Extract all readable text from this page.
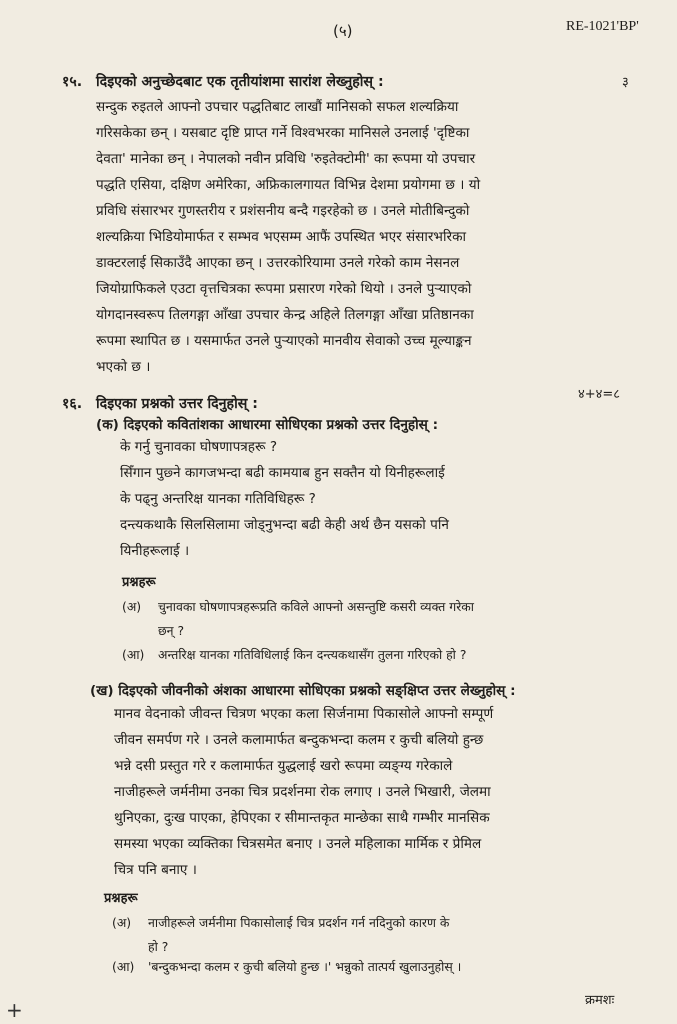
(५)	RE-1021'BP'
१५. दिइएको अनुच्छेदबाट एक तृतीयांशमा सारांश लेख्नुहोस् :	३
सन्दुक रुइतले आफ्नो उपचार पद्धतिबाट लाखौं मानिसको सफल शल्यक्रिया
गरिसकेका छन् । यसबाट दृष्टि प्राप्त गर्ने विश्वभरका मानिसले उनलाई 'दृष्टिका
देवता' मानेका छन् । नेपालको नवीन प्रविधि 'रुइतेक्टोमी' का रूपमा यो उपचार
पद्धति एसिया, दक्षिण अमेरिका, अफ्रिकालगायत विभिन्न देशमा प्रयोगमा छ । यो
प्रविधि संसारभर गुणस्तरीय र प्रशंसनीय बन्दै गइरहेको छ । उनले मोतीबिन्दुको
शल्यक्रिया भिडियोमार्फत र सम्भव भएसम्म आफैं उपस्थित भएर संसारभरिका
डाक्टरलाई सिकाउँदै आएका छन् । उत्तरकोरियामा उनले गरेको काम नेसनल
जियोग्राफिकले एउटा वृत्तचित्रका रूपमा प्रसारण गरेको थियो । उनले पुऱ्याएको
योगदानस्वरूप तिलगङ्गा आँखा उपचार केन्द्र अहिले तिलगङ्गा आँखा प्रतिष्ठानका
रूपमा स्थापित छ । यसमार्फत उनले पुऱ्याएको मानवीय सेवाको उच्च मूल्याङ्कन
भएको छ ।
१६. दिइएका प्रश्नको उत्तर दिनुहोस् :
४+४=८
(क) दिइएको कवितांशका आधारमा सोधिएका प्रश्नको उत्तर दिनुहोस् :
के गर्नु चुनावका घोषणापत्रहरू ?
सिँगान पुछ्ने कागजभन्दा बढी कामयाब हुन सक्तैन यो यिनीहरूलाई
के पढ्नु अन्तरिक्ष यानका गतिविधिहरू ?
दन्त्यकथाकै सिलसिलामा जोड्नुभन्दा बढी केही अर्थ छैन यसको पनि
यिनीहरूलाई ।
प्रश्नहरू
(अ) चुनावका घोषणापत्रहरूप्रति कविले आफ्नो असन्तुष्टि कसरी व्यक्त गरेका
छन् ?
(आ) अन्तरिक्ष यानका गतिविधिलाई किन दन्त्यकथासँग तुलना गरिएको हो ?
(ख) दिइएको जीवनीको अंशका आधारमा सोधिएका प्रश्नको सङ्क्षिप्त उत्तर लेख्नुहोस् :
मानव वेदनाको जीवन्त चित्रण भएका कला सिर्जनामा पिकासोले आफ्नो सम्पूर्ण
जीवन समर्पण गरे । उनले कलामार्फत बन्दुकभन्दा कलम र कुची बलियो हुन्छ
भन्ने दसी प्रस्तुत गरे र कलामार्फत युद्धलाई खरो रूपमा व्यङ्ग्य गरेकाले
नाजीहरूले जर्मनीमा उनका चित्र प्रदर्शनमा रोक लगाए । उनले भिखारी, जेलमा
थुनिएका, दुःख पाएका, हेपिएका र सीमान्तकृत मान्छेका साथै गम्भीर मानसिक
समस्या भएका व्यक्तिका चित्रसमेत बनाए । उनले महिलाका मार्मिक र प्रेमिल
चित्र पनि बनाए ।
प्रश्नहरू
(अ) नाजीहरूले जर्मनीमा पिकासोलाई चित्र प्रदर्शन गर्न नदिनुको कारण के
हो ?
(आ) 'बन्दुकभन्दा कलम र कुची बलियो हुन्छ ।' भन्नुको तात्पर्य खुलाउनुहोस् ।
क्रमशः
+
